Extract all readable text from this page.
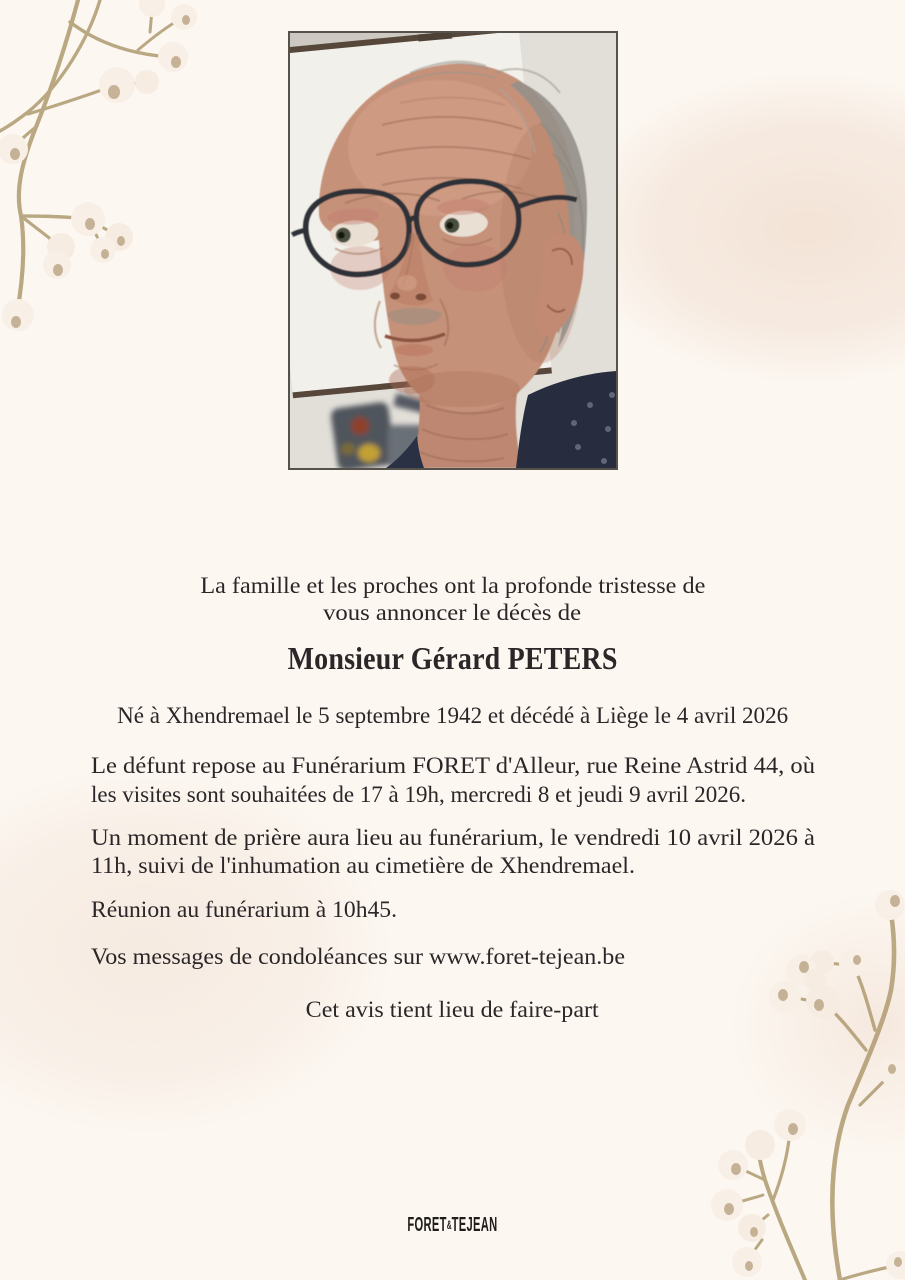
La famille et les proches ont la profonde tristesse de
vous annoncer le décès de
Monsieur Gérard PETERS
Né à Xhendremael le 5 septembre 1942 et décédé à Liège le 4 avril 2026
Le défunt repose au Funérarium FORET d'Alleur, rue Reine Astrid 44, où
les visites sont souhaitées de 17 à 19h, mercredi 8 et jeudi 9 avril 2026.
Un moment de prière aura lieu au funérarium, le vendredi 10 avril 2026 à
11h, suivi de l'inhumation au cimetière de Xhendremael.
Réunion au funérarium à 10h45.
Vos messages de condoléances sur www.foret-tejean.be
Cet avis tient lieu de faire-part
FORET&TEJEAN
